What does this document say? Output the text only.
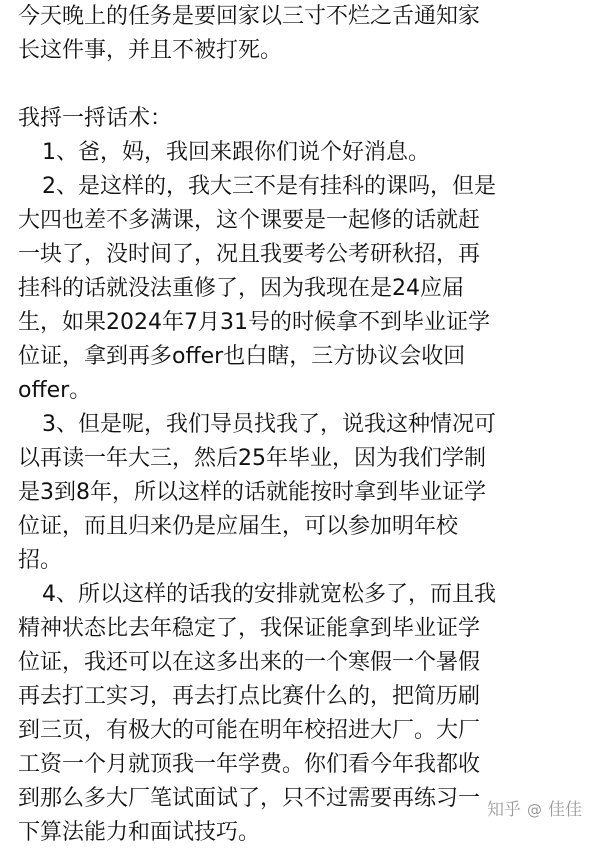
今天晚上的任务是要回家以三寸不烂之舌通知家

长这件事，并且不被打死。

我捋一捋话术：

1、爸，妈，我回来跟你们说个好消息。

2、是这样的，我大三不是有挂科的课吗，但是

大四也差不多满课，这个课要是一起修的话就赶

一块了，没时间了，况且我要考公考研秋招，再

挂科的话就没法重修了，因为我现在是24应届

生，如果2024年7月31号的时候拿不到毕业证学

位证，拿到再多offer也白瞎，三方协议会收回

offer。

3、但是呢，我们导员找我了，说我这种情况可

以再读一年大三，然后25年毕业，因为我们学制

是3到8年，所以这样的话就能按时拿到毕业证学

位证，而且归来仍是应届生，可以参加明年校

招。

4、所以这样的话我的安排就宽松多了，而且我

精神状态比去年稳定了，我保证能拿到毕业证学

位证，我还可以在这多出来的一个寒假一个暑假

再去打工实习，再去打点比赛什么的，把简历刷

到三页，有极大的可能在明年校招进大厂。大厂

工资一个月就顶我一年学费。你们看今年我都收

到那么多大厂笔试面试了，只不过需要再练习一

下算法能力和面试技巧。

知乎 @ 佳佳
